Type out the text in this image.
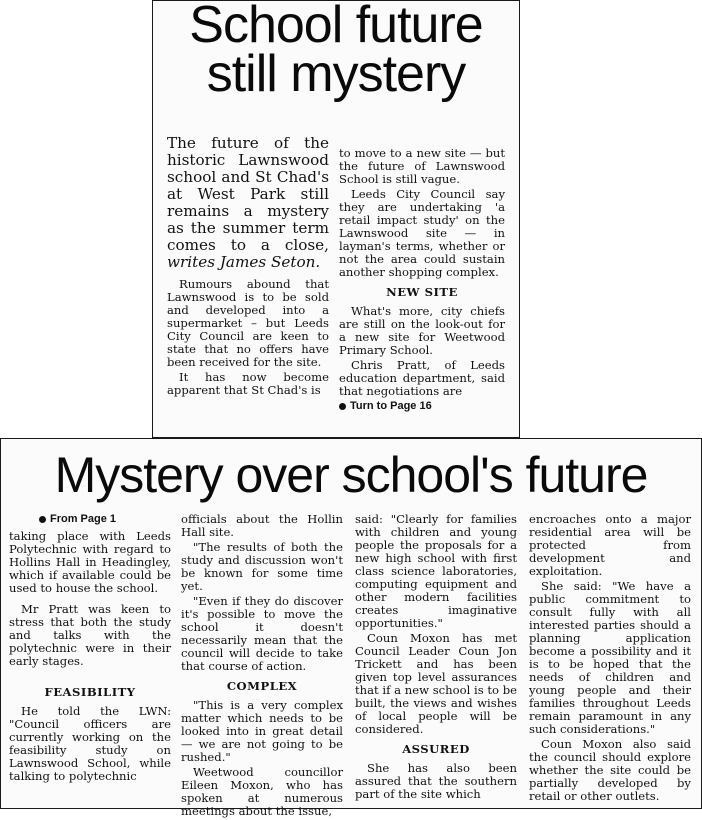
School future
still mystery

The future of the historic Lawnswood school and St Chad's at West Park still remains a mystery as the summer term comes to a close, writes James Seton.

Rumours abound that Lawnswood is to be sold and developed into a supermarket – but Leeds City Council are keen to state that no offers have been received for the site.

It has now become apparent that St Chad's is

to move to a new site — but the future of Lawnswood School is still vague.

Leeds City Council say they are undertaking 'a retail impact study' on the Lawnswood site — in layman's terms, whether or not the area could sustain another shopping complex.

NEW SITE

What's more, city chiefs are still on the look-out for a new site for Weetwood Primary School.

Chris Pratt, of Leeds education department, said that negotiations are

Turn to Page 16

Mystery over school's future

From Page 1

taking place with Leeds Polytechnic with regard to Hollins Hall in Headingley, which if available could be used to house the school.

Mr Pratt was keen to stress that both the study and talks with the polytechnic were in their early stages.

FEASIBILITY

He told the LWN: "Council officers are currently working on the feasibility study on Lawnswood School, while talking to polytechnic

officials about the Hollin Hall site.

"The results of both the study and discussion won't be known for some time yet.

"Even if they do discover it's possible to move the school it doesn't necessarily mean that the council will decide to take that course of action.

COMPLEX

"This is a very complex matter which needs to be looked into in great detail — we are not going to be rushed."

Weetwood councillor Eileen Moxon, who has spoken at numerous meetings about the issue,

said: "Clearly for families with children and young people the proposals for a new high school with first class science laboratories, computing equipment and other modern facilities creates imaginative opportunities."

Coun Moxon has met Council Leader Coun Jon Trickett and has been given top level assurances that if a new school is to be built, the views and wishes of local people will be considered.

ASSURED

She has also been assured that the southern part of the site which

encroaches onto a major residential area will be protected from development and exploitation.

She said: "We have a public commitment to consult fully with all interested parties should a planning application become a possibility and it is to be hoped that the needs of children and young people and their families throughout Leeds remain paramount in any such considerations."

Coun Moxon also said the council should explore whether the site could be partially developed by retail or other outlets.
